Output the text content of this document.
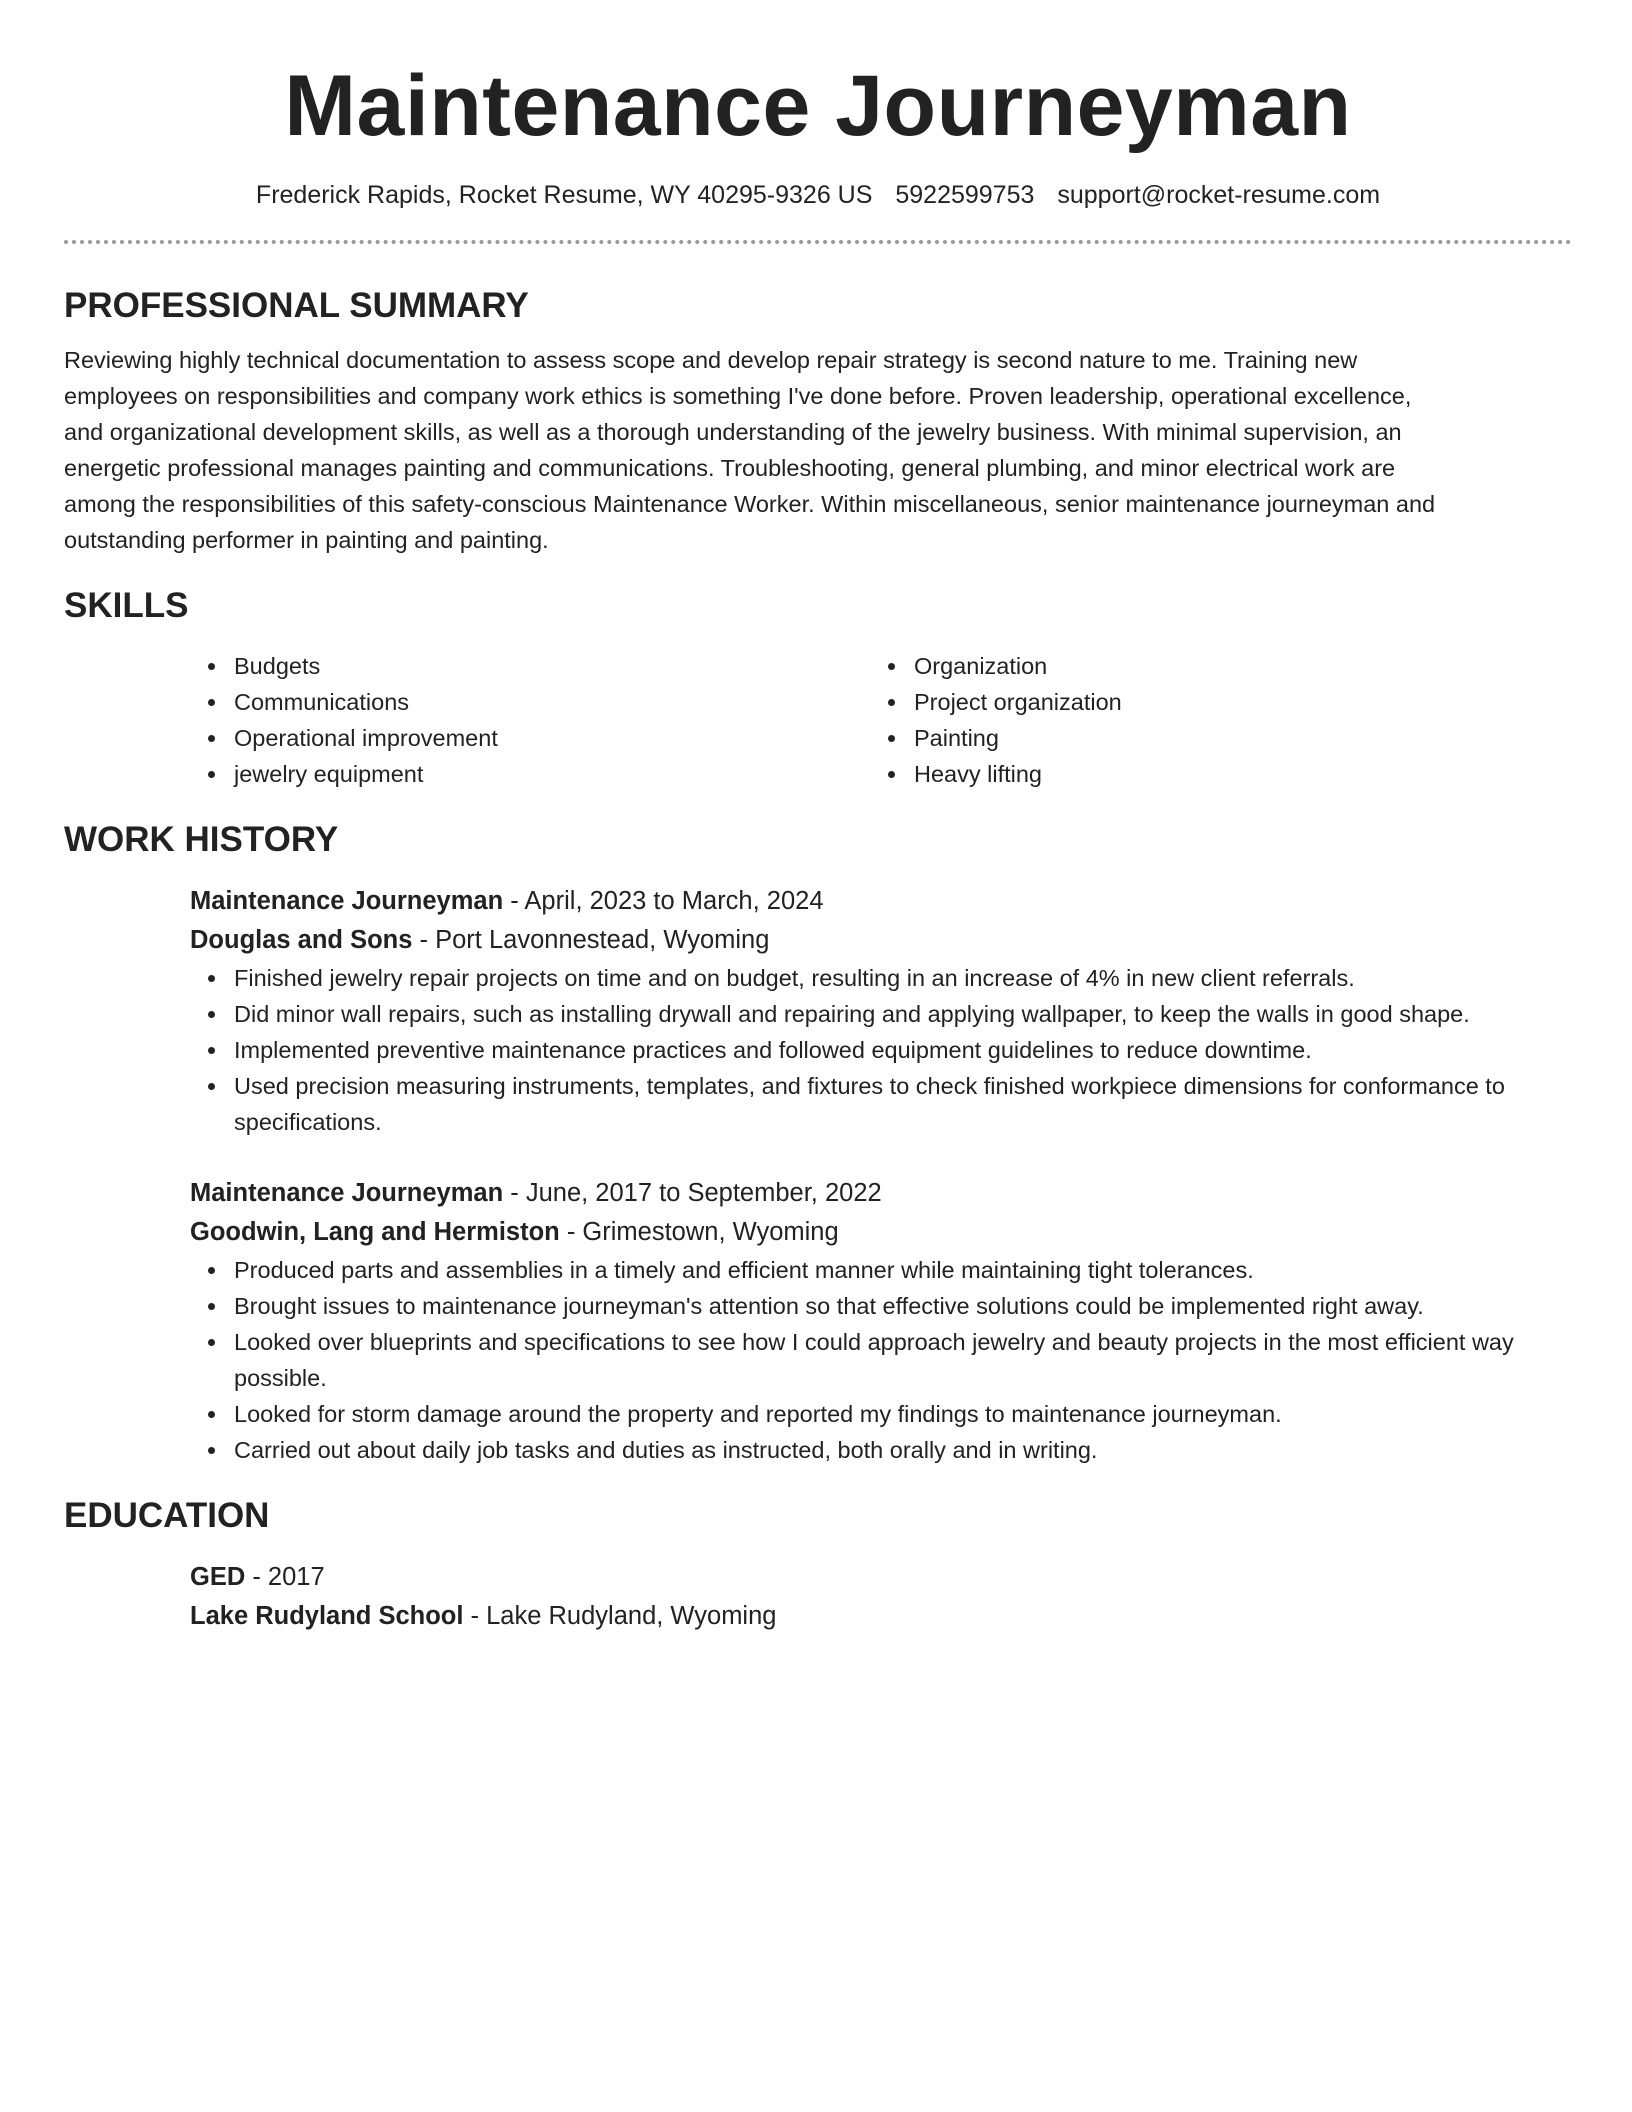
Maintenance Journeyman
Frederick Rapids, Rocket Resume, WY 40295-9326 US 5922599753 support@rocket-resume.com
PROFESSIONAL SUMMARY

Reviewing highly technical documentation to assess scope and develop repair strategy is second nature to me. Training new employees on responsibilities and company work ethics is something I've done before. Proven leadership, operational excellence, and organizational development skills, as well as a thorough understanding of the jewelry business. With minimal supervision, an energetic professional manages painting and communications. Troubleshooting, general plumbing, and minor electrical work are among the responsibilities of this safety-conscious Maintenance Worker. Within miscellaneous, senior maintenance journeyman and outstanding performer in painting and painting.

SKILLS
Budgets
Communications
Operational improvement
jewelry equipment
Organization
Project organization
Painting
Heavy lifting
WORK HISTORY
Maintenance Journeyman - April, 2023 to March, 2024
Douglas and Sons - Port Lavonnestead, Wyoming
Finished jewelry repair projects on time and on budget, resulting in an increase of 4% in new client referrals.
Did minor wall repairs, such as installing drywall and repairing and applying wallpaper, to keep the walls in good shape.
Implemented preventive maintenance practices and followed equipment guidelines to reduce downtime.
Used precision measuring instruments, templates, and fixtures to check finished workpiece dimensions for conformance to specifications.
Maintenance Journeyman - June, 2017 to September, 2022
Goodwin, Lang and Hermiston - Grimestown, Wyoming
Produced parts and assemblies in a timely and efficient manner while maintaining tight tolerances.
Brought issues to maintenance journeyman's attention so that effective solutions could be implemented right away.
Looked over blueprints and specifications to see how I could approach jewelry and beauty projects in the most efficient way possible.
Looked for storm damage around the property and reported my findings to maintenance journeyman.
Carried out about daily job tasks and duties as instructed, both orally and in writing.
EDUCATION
GED - 2017
Lake Rudyland School - Lake Rudyland, Wyoming
